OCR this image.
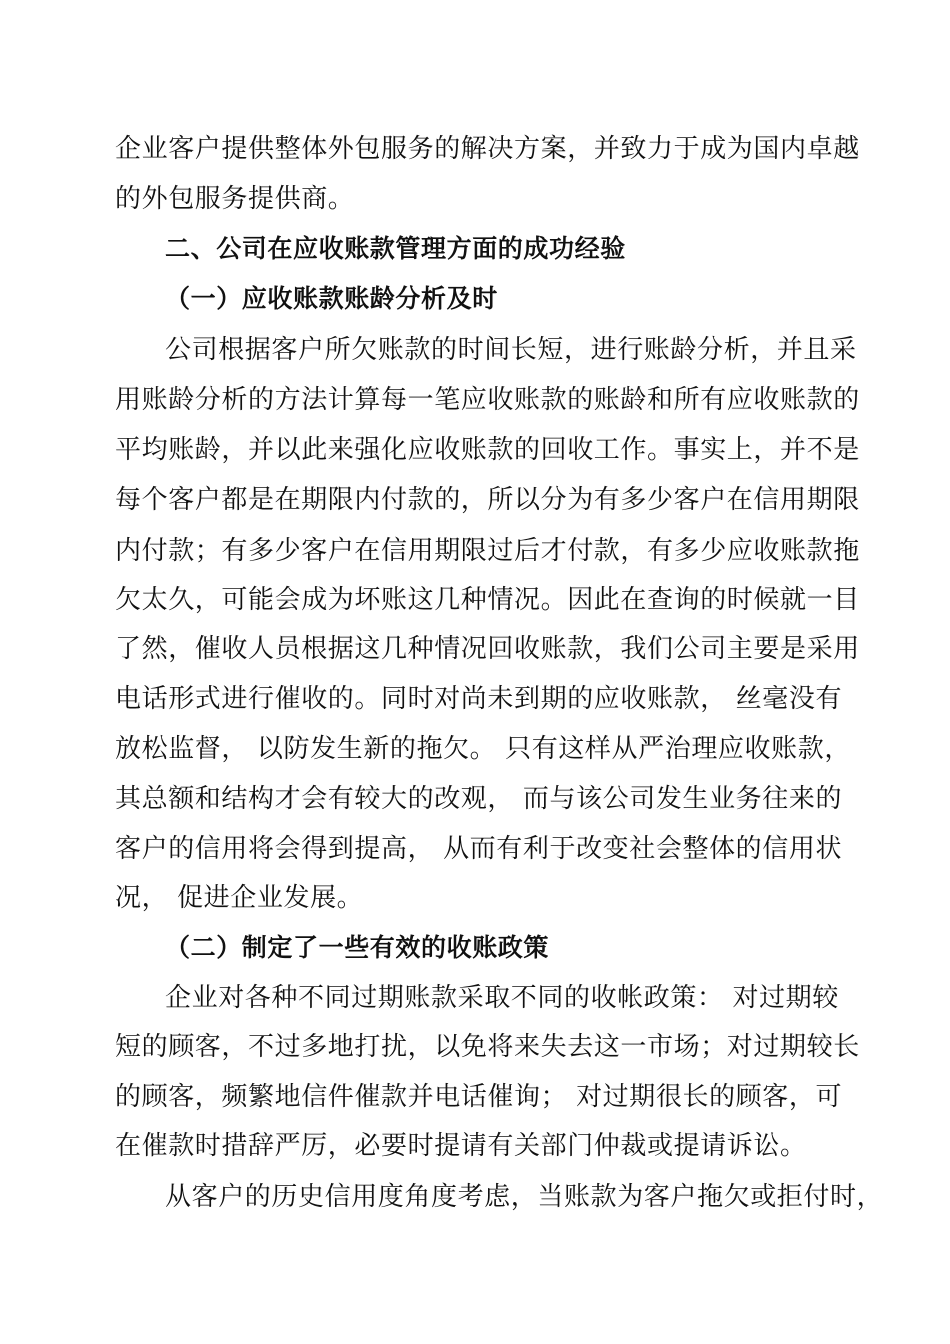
企业客户提供整体外包服务的解决方案，并致力于成为国内卓越
的外包服务提供商。
二、公司在应收账款管理方面的成功经验
（一）应收账款账龄分析及时
公司根据客户所欠账款的时间长短，进行账龄分析，并且采
用账龄分析的方法计算每一笔应收账款的账龄和所有应收账款的
平均账龄，并以此来强化应收账款的回收工作。事实上，并不是
每个客户都是在期限内付款的，所以分为有多少客户在信用期限
内付款；有多少客户在信用期限过后才付款，有多少应收账款拖
欠太久，可能会成为坏账这几种情况。因此在查询的时候就一目
了然，催收人员根据这几种情况回收账款，我们公司主要是采用
电话形式进行催收的。同时对尚未到期的应收账款， 丝毫没有
放松监督， 以防发生新的拖欠。 只有这样从严治理应收账款，
其总额和结构才会有较大的改观， 而与该公司发生业务往来的
客户的信用将会得到提高， 从而有利于改变社会整体的信用状
况， 促进企业发展。
（二）制定了一些有效的收账政策
企业对各种不同过期账款采取不同的收帐政策： 对过期较
短的顾客，不过多地打扰，以免将来失去这一市场；对过期较长
的顾客，频繁地信件催款并电话催询； 对过期很长的顾客，可
在催款时措辞严厉，必要时提请有关部门仲裁或提请诉讼。
从客户的历史信用度角度考虑，当账款为客户拖欠或拒付时，
